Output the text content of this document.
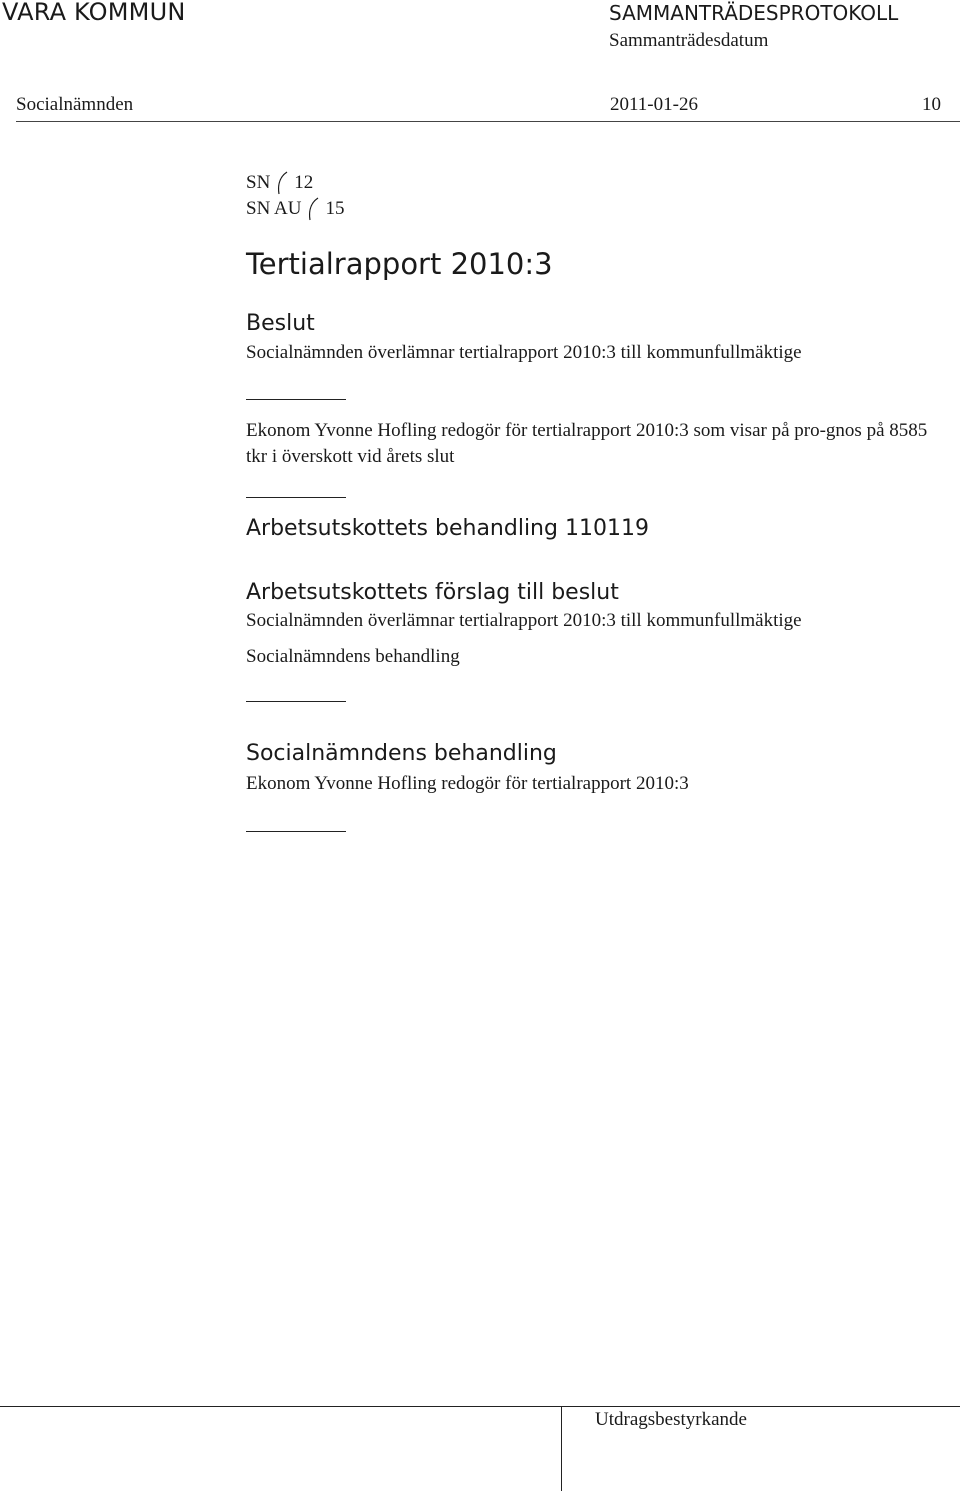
VARA KOMMUN	SAMMANTRÄDESPROTOKOLL
Sammanträdesdatum
Socialnämnden	2011-01-26	10
SN 12
SN AU 15
Tertialrapport 2010:3
Beslut
Socialnämnden överlämnar tertialrapport 2010:3 till kommunfullmäktige
Ekonom Yvonne Hofling redogör för tertialrapport 2010:3 som visar på pro-gnos på 8585 tkr i överskott vid årets slut
Arbetsutskottets behandling 110119
Arbetsutskottets förslag till beslut
Socialnämnden överlämnar tertialrapport 2010:3 till kommunfullmäktige
Socialnämndens behandling
Socialnämndens behandling
Ekonom Yvonne Hofling redogör för tertialrapport 2010:3
Utdragsbestyrkande
